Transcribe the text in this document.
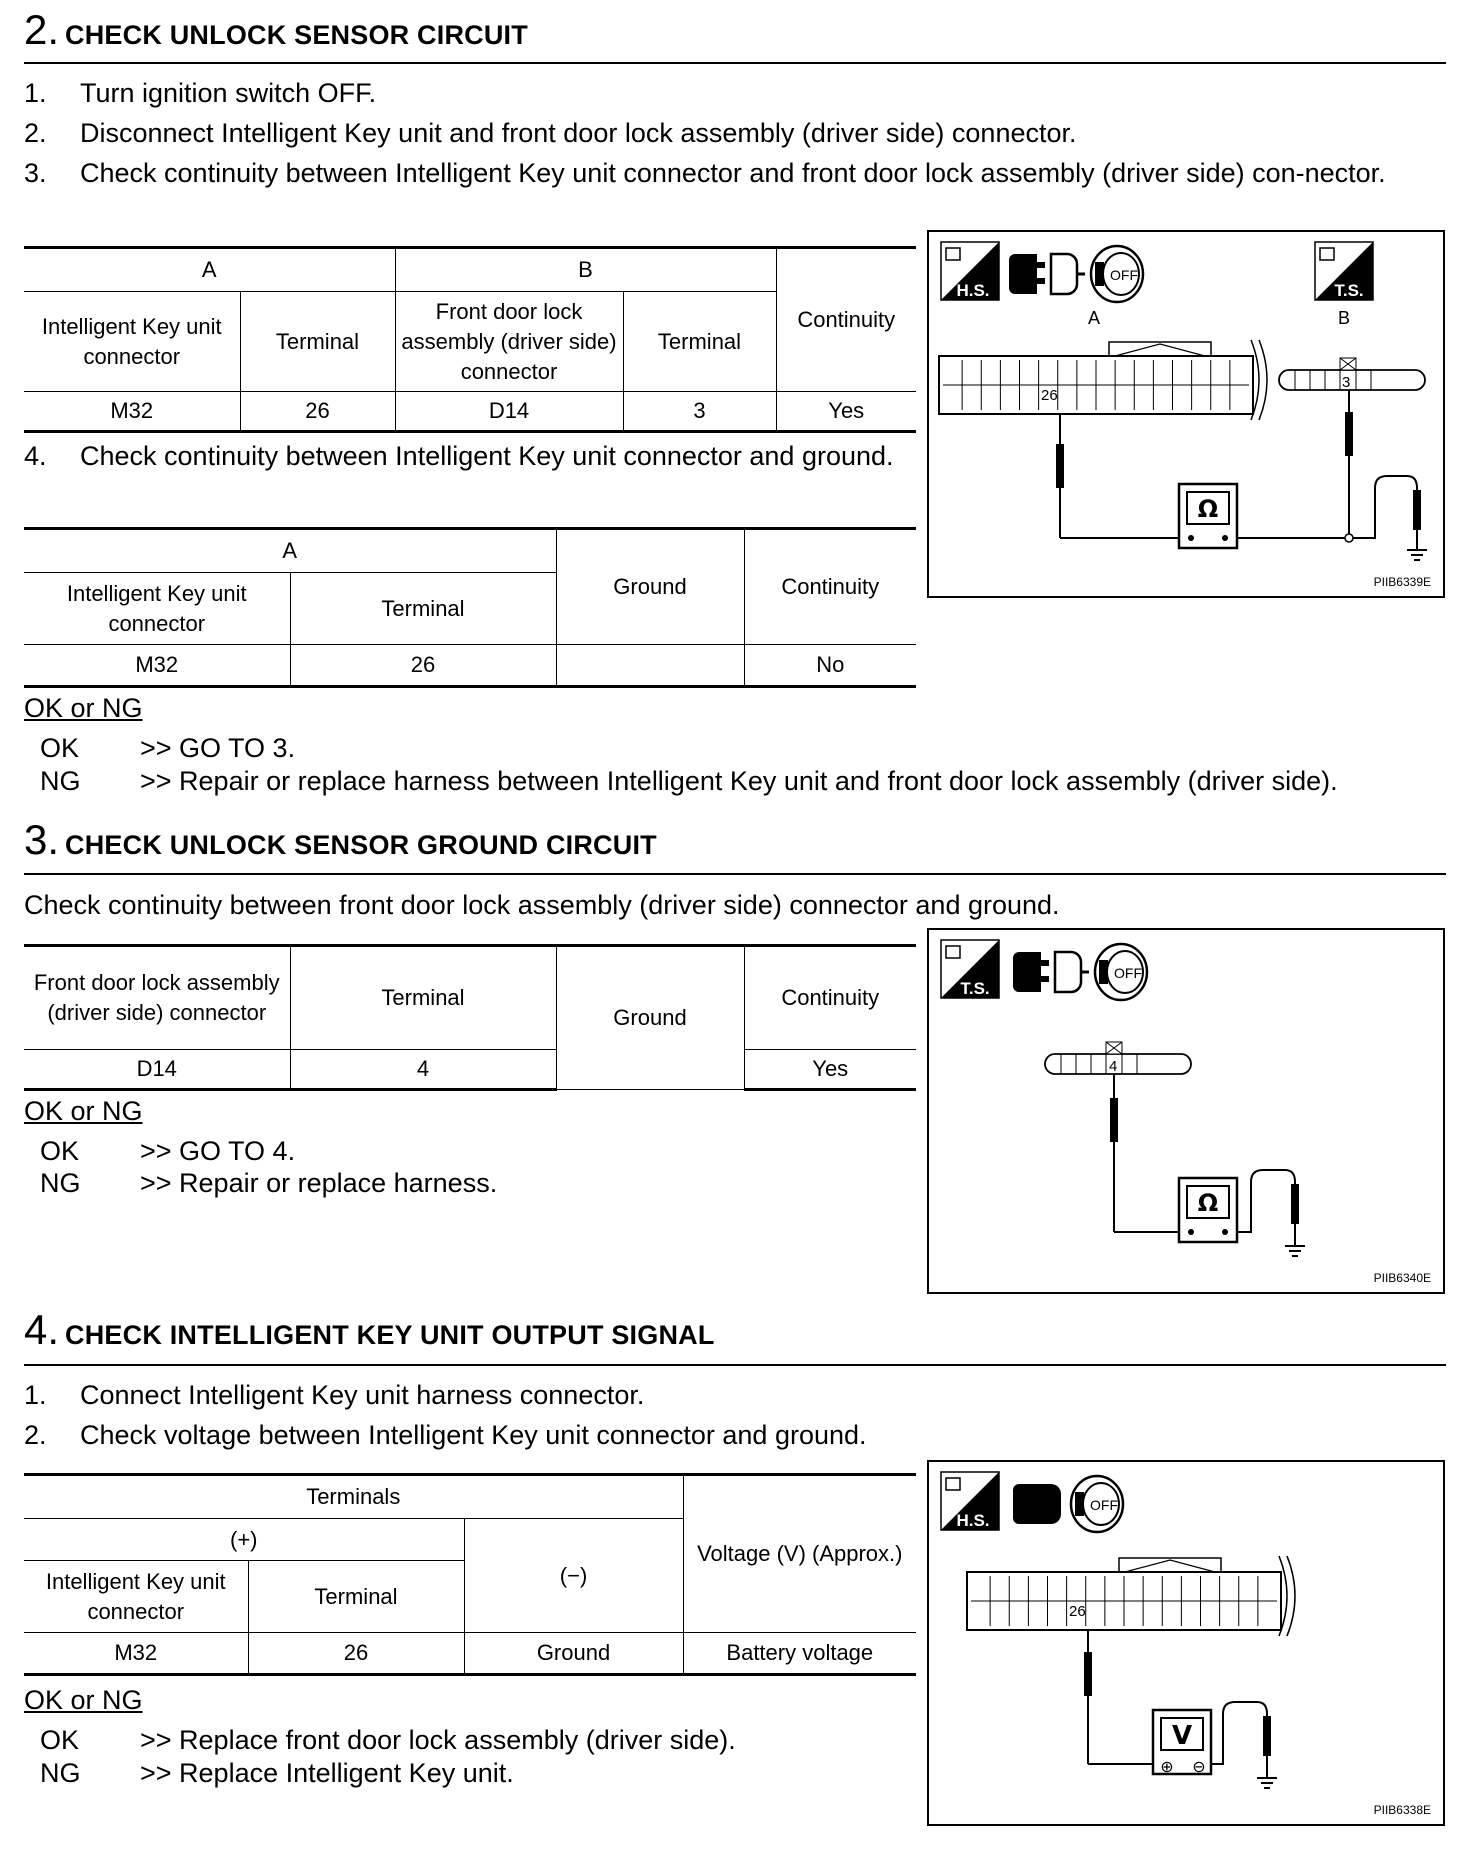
2. CHECK UNLOCK SENSOR CIRCUIT
1. Turn ignition switch OFF.
2. Disconnect Intelligent Key unit and front door lock assembly (driver side) connector.
3. Check continuity between Intelligent Key unit connector and front door lock assembly (driver side) con-nector.
A		B		Continuity
Intelligent Key unit connector	Terminal	Front door lock assembly (driver side) connector	Terminal	
M32	26	D14	3	Yes
4. Check continuity between Intelligent Key unit connector and ground.
A		Ground	Continuity
Intelligent Key unit connector	Terminal		
M32	26		No
OK or NG
OK >> GO TO 3.
NG >> Repair or replace harness between Intelligent Key unit and front door lock assembly (driver side).
H.S.
OFF
T.S.
A	B
26
3
Ω
PIIB6339E
3. CHECK UNLOCK SENSOR GROUND CIRCUIT
Check continuity between front door lock assembly (driver side) connector and ground.
Front door lock assembly (driver side) connector	Terminal	Ground	Continuity
D14	4		Yes
OK or NG
OK >> GO TO 4.
NG >> Repair or replace harness.
T.S.
OFF
4
Ω
PIIB6340E
4. CHECK INTELLIGENT KEY UNIT OUTPUT SIGNAL
1. Connect Intelligent Key unit harness connector.
2. Check voltage between Intelligent Key unit connector and ground.
Terminals			Voltage (V) (Approx.)
(+)		(−)	
Intelligent Key unit connector	Terminal		
M32	26	Ground	Battery voltage
OK or NG
OK >> Replace front door lock assembly (driver side).
NG >> Replace Intelligent Key unit.
H.S.
OFF
26
V
⊕ ⊖
PIIB6338E
